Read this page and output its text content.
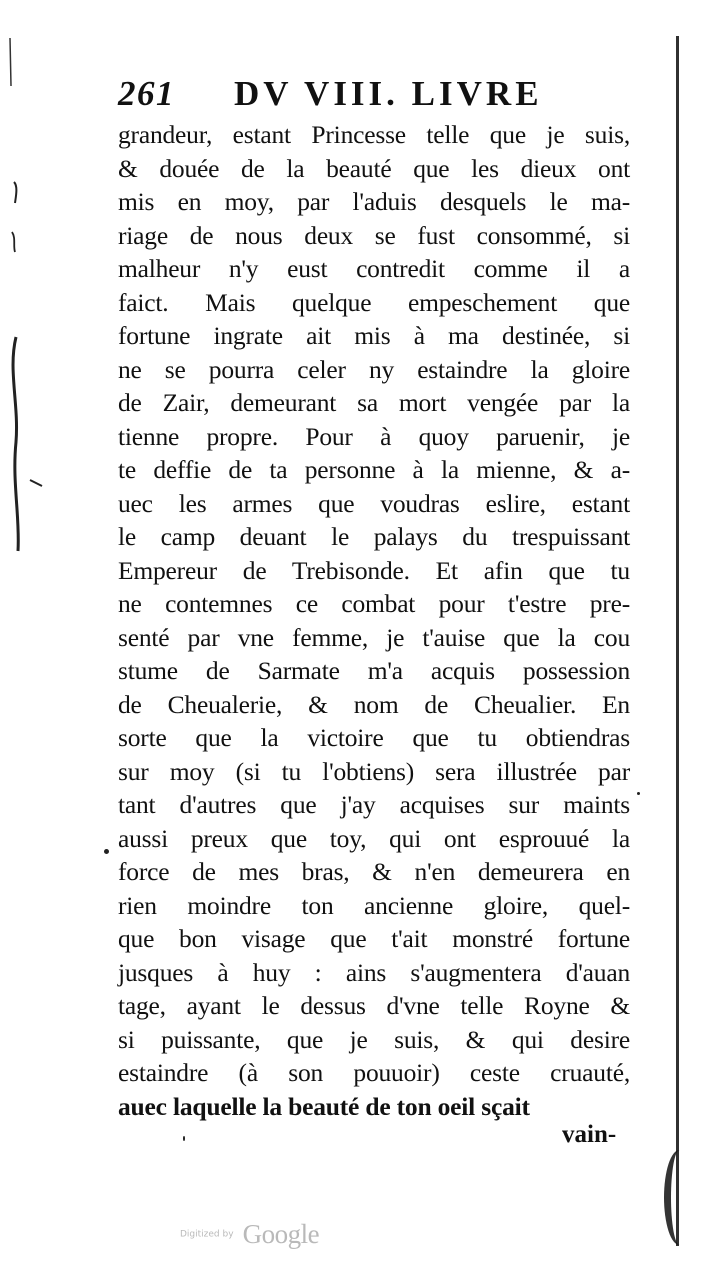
261 DV VIII. LIVRE
grandeur, estant Princesse telle que je suis,
& douée de la beauté que les dieux ont
mis en moy, par l'aduis desquels le ma-
riage de nous deux se fust consommé, si
malheur n'y eust contredit comme il a
faict. Mais quelque empeschement que
fortune ingrate ait mis à ma destinée, si
ne se pourra celer ny estaindre la gloire
de Zair, demeurant sa mort vengée par la
tienne propre. Pour à quoy paruenir, je
te deffie de ta personne à la mienne, & a-
uec les armes que voudras eslire, estant
le camp deuant le palays du trespuissant
Empereur de Trebisonde. Et afin que tu
ne contemnes ce combat pour t'estre pre-
senté par vne femme, je t'auise que la cou
stume de Sarmate m'a acquis possession
de Cheualerie, & nom de Cheualier. En
sorte que la victoire que tu obtiendras
sur moy (si tu l'obtiens) sera illustrée par
tant d'autres que j'ay acquises sur maints
aussi preux que toy, qui ont esprouué la
force de mes bras, & n'en demeurera en
rien moindre ton ancienne gloire, quel-
que bon visage que t'ait monstré fortune
jusques à huy : ains s'augmentera d'auan
tage, ayant le dessus d'vne telle Royne &
si puissante, que je suis, & qui desire
estaindre (à son pouuoir) ceste cruauté,
auec laquelle la beauté de ton oeil sçait
vain-
Digitized by Google
